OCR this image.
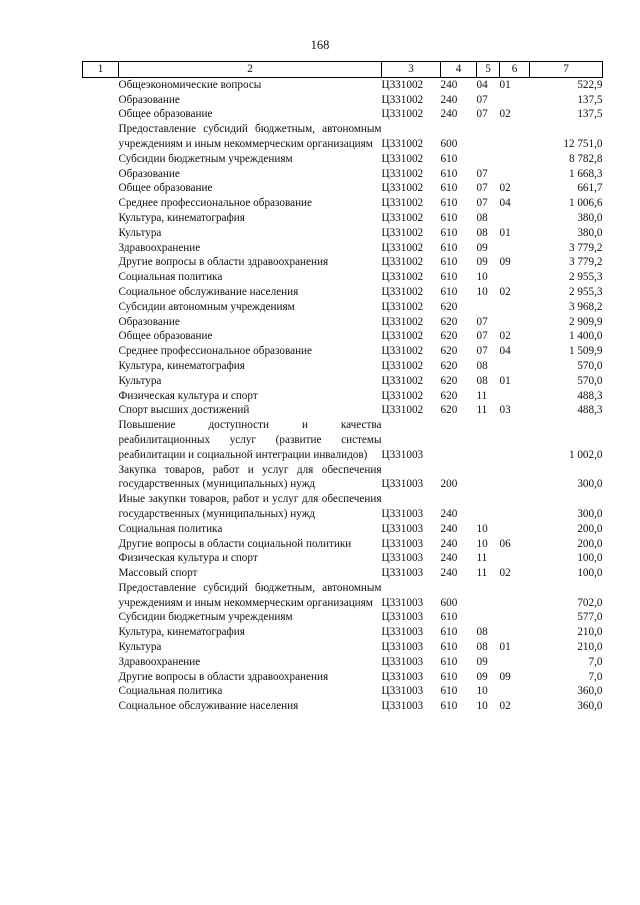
168
1	2	3	4	5	6	7
	Общеэкономические вопросы	Ц331002	240	04	01	522,9
	Образование	Ц331002	240	07		137,5
	Общее образование	Ц331002	240	07	02	137,5
	Предоставление субсидий бюджетным, автономным учреждениям и иным некоммерческим организациям	Ц331002	600			12 751,0
	Субсидии бюджетным учреждениям	Ц331002	610			8 782,8
	Образование	Ц331002	610	07		1 668,3
	Общее образование	Ц331002	610	07	02	661,7
	Среднее профессиональное образование	Ц331002	610	07	04	1 006,6
	Культура, кинематография	Ц331002	610	08		380,0
	Культура	Ц331002	610	08	01	380,0
	Здравоохранение	Ц331002	610	09		3 779,2
	Другие вопросы в области здравоохранения	Ц331002	610	09	09	3 779,2
	Социальная политика	Ц331002	610	10		2 955,3
	Социальное обслуживание населения	Ц331002	610	10	02	2 955,3
	Субсидии автономным учреждениям	Ц331002	620			3 968,2
	Образование	Ц331002	620	07		2 909,9
	Общее образование	Ц331002	620	07	02	1 400,0
	Среднее профессиональное образование	Ц331002	620	07	04	1 509,9
	Культура, кинематография	Ц331002	620	08		570,0
	Культура	Ц331002	620	08	01	570,0
	Физическая культура и спорт	Ц331002	620	11		488,3
	Спорт высших достижений	Ц331002	620	11	03	488,3
	Повышение доступности и качества реабилитационных услуг (развитие системы реабилитации и социальной интеграции инвалидов)	Ц331003				1 002,0
	Закупка товаров, работ и услуг для обеспечения государственных (муниципальных) нужд	Ц331003	200			300,0
	Иные закупки товаров, работ и услуг для обеспечения государственных (муниципальных) нужд	Ц331003	240			300,0
	Социальная политика	Ц331003	240	10		200,0
	Другие вопросы в области социальной политики	Ц331003	240	10	06	200,0
	Физическая культура и спорт	Ц331003	240	11		100,0
	Массовый спорт	Ц331003	240	11	02	100,0
	Предоставление субсидий бюджетным, автономным учреждениям и иным некоммерческим организациям	Ц331003	600			702,0
	Субсидии бюджетным учреждениям	Ц331003	610			577,0
	Культура, кинематография	Ц331003	610	08		210,0
	Культура	Ц331003	610	08	01	210,0
	Здравоохранение	Ц331003	610	09		7,0
	Другие вопросы в области здравоохранения	Ц331003	610	09	09	7,0
	Социальная политика	Ц331003	610	10		360,0
	Социальное обслуживание населения	Ц331003	610	10	02	360,0
